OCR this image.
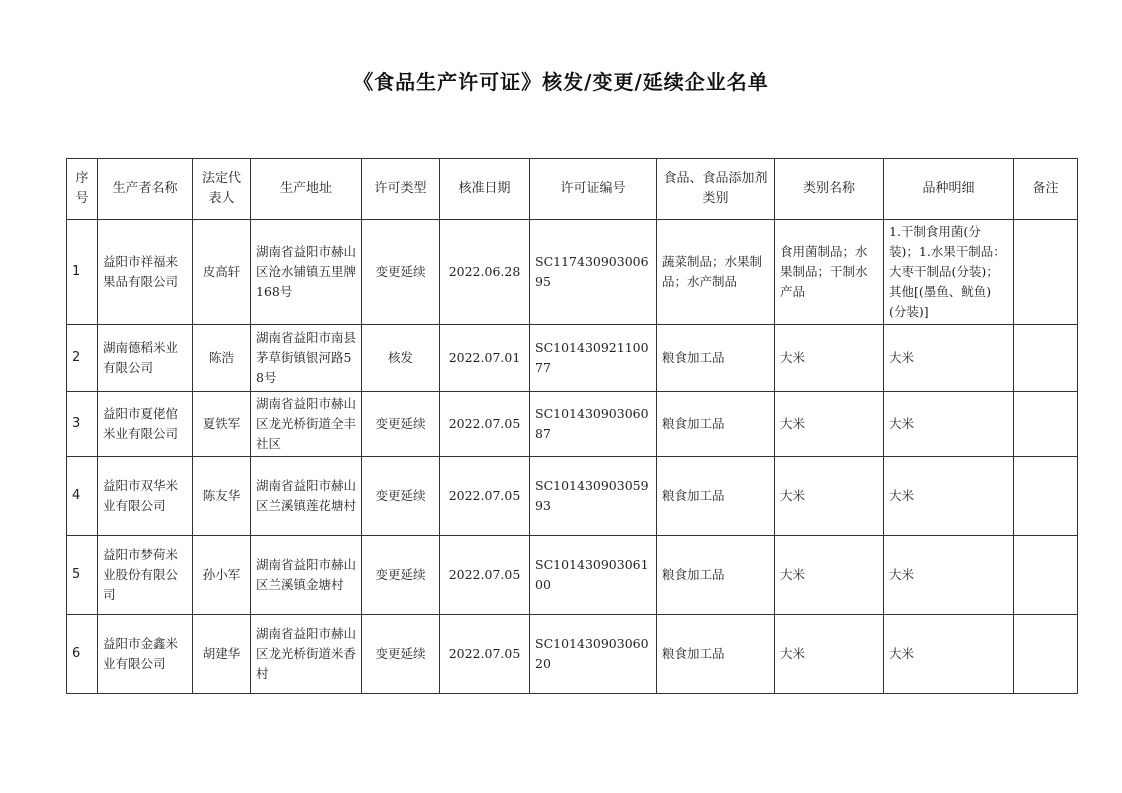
《食品生产许可证》核发/变更/延续企业名单
序号	生产者名称	法定代表人	生产地址	许可类型	核准日期	许可证编号	食品、食品添加剂类别	类别名称	品种明细	备注
1	益阳市祥福来果品有限公司	皮高轩	湖南省益阳市赫山区沧水铺镇五里牌168号	变更延续	2022.06.28	SC11743090300695	蔬菜制品；水果制品；水产制品	食用菌制品；水果制品；干制水产品	1.干制食用菌(分装)；1.水果干制品：大枣干制品(分装)；其他[(墨鱼、鱿鱼)(分装)]	
2	湖南德稻米业有限公司	陈浩	湖南省益阳市南县茅草街镇银河路58号	核发	2022.07.01	SC10143092110077	粮食加工品	大米	大米	
3	益阳市夏佬倌米业有限公司	夏铁军	湖南省益阳市赫山区龙光桥街道全丰社区	变更延续	2022.07.05	SC10143090306087	粮食加工品	大米	大米	
4	益阳市双华米业有限公司	陈友华	湖南省益阳市赫山区兰溪镇莲花塘村	变更延续	2022.07.05	SC10143090305993	粮食加工品	大米	大米	
5	益阳市梦荷米业股份有限公司	孙小军	湖南省益阳市赫山区兰溪镇金塘村	变更延续	2022.07.05	SC10143090306100	粮食加工品	大米	大米	
6	益阳市金鑫米业有限公司	胡建华	湖南省益阳市赫山区龙光桥街道米香村	变更延续	2022.07.05	SC10143090306020	粮食加工品	大米	大米	
